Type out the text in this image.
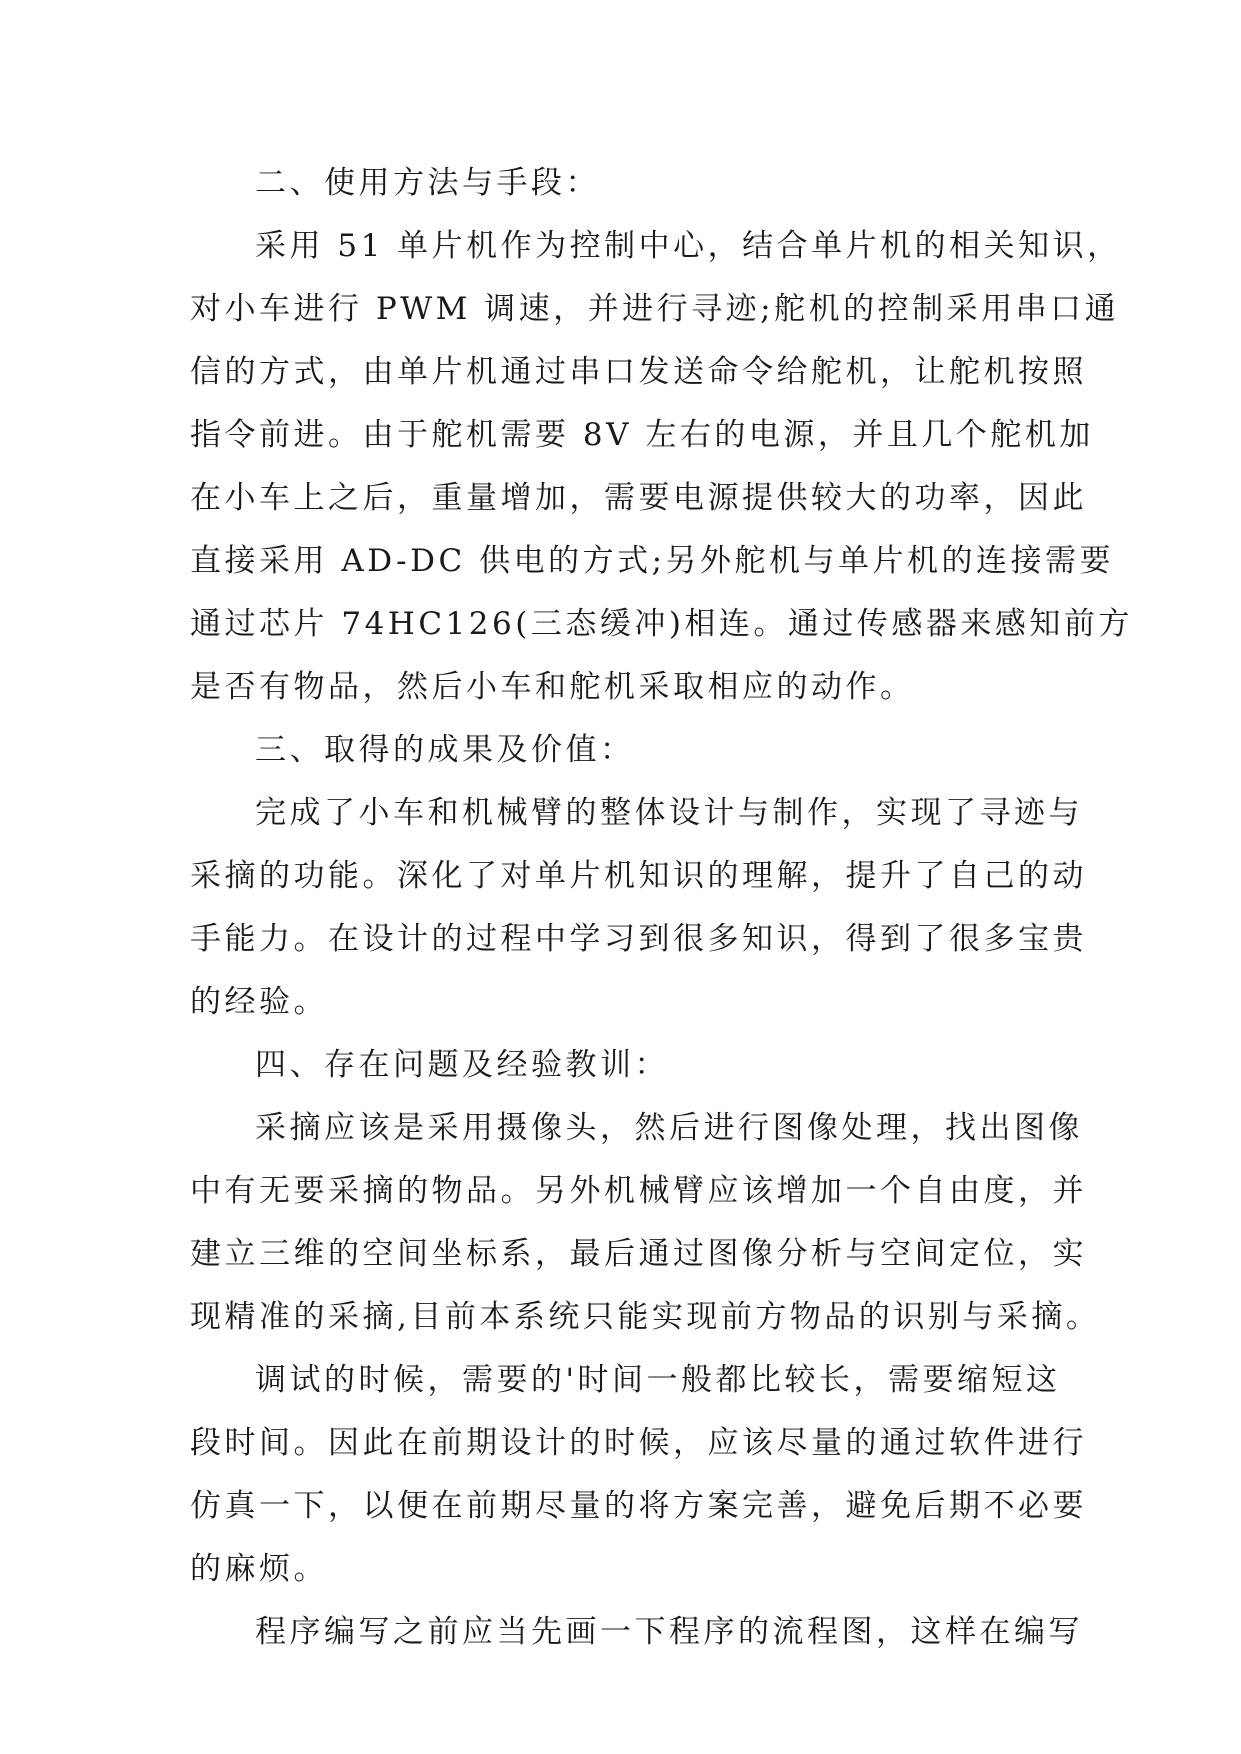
二、使用方法与手段：
采用 51 单片机作为控制中心，结合单片机的相关知识，
对小车进行 PWM 调速，并进行寻迹;舵机的控制采用串口通
信的方式，由单片机通过串口发送命令给舵机，让舵机按照
指令前进。由于舵机需要 8V 左右的电源，并且几个舵机加
在小车上之后，重量增加，需要电源提供较大的功率，因此
直接采用 AD-DC 供电的方式;另外舵机与单片机的连接需要
通过芯片 74HC126(三态缓冲)相连。通过传感器来感知前方
是否有物品，然后小车和舵机采取相应的动作。
三、取得的成果及价值：
完成了小车和机械臂的整体设计与制作，实现了寻迹与
采摘的功能。深化了对单片机知识的理解，提升了自己的动
手能力。在设计的过程中学习到很多知识，得到了很多宝贵
的经验。
四、存在问题及经验教训：
采摘应该是采用摄像头，然后进行图像处理，找出图像
中有无要采摘的物品。另外机械臂应该增加一个自由度，并
建立三维的空间坐标系，最后通过图像分析与空间定位，实
现精准的采摘,目前本系统只能实现前方物品的识别与采摘。
调试的时候，需要的'时间一般都比较长，需要缩短这
段时间。因此在前期设计的时候，应该尽量的通过软件进行
仿真一下，以便在前期尽量的将方案完善，避免后期不必要
的麻烦。
程序编写之前应当先画一下程序的流程图，这样在编写
